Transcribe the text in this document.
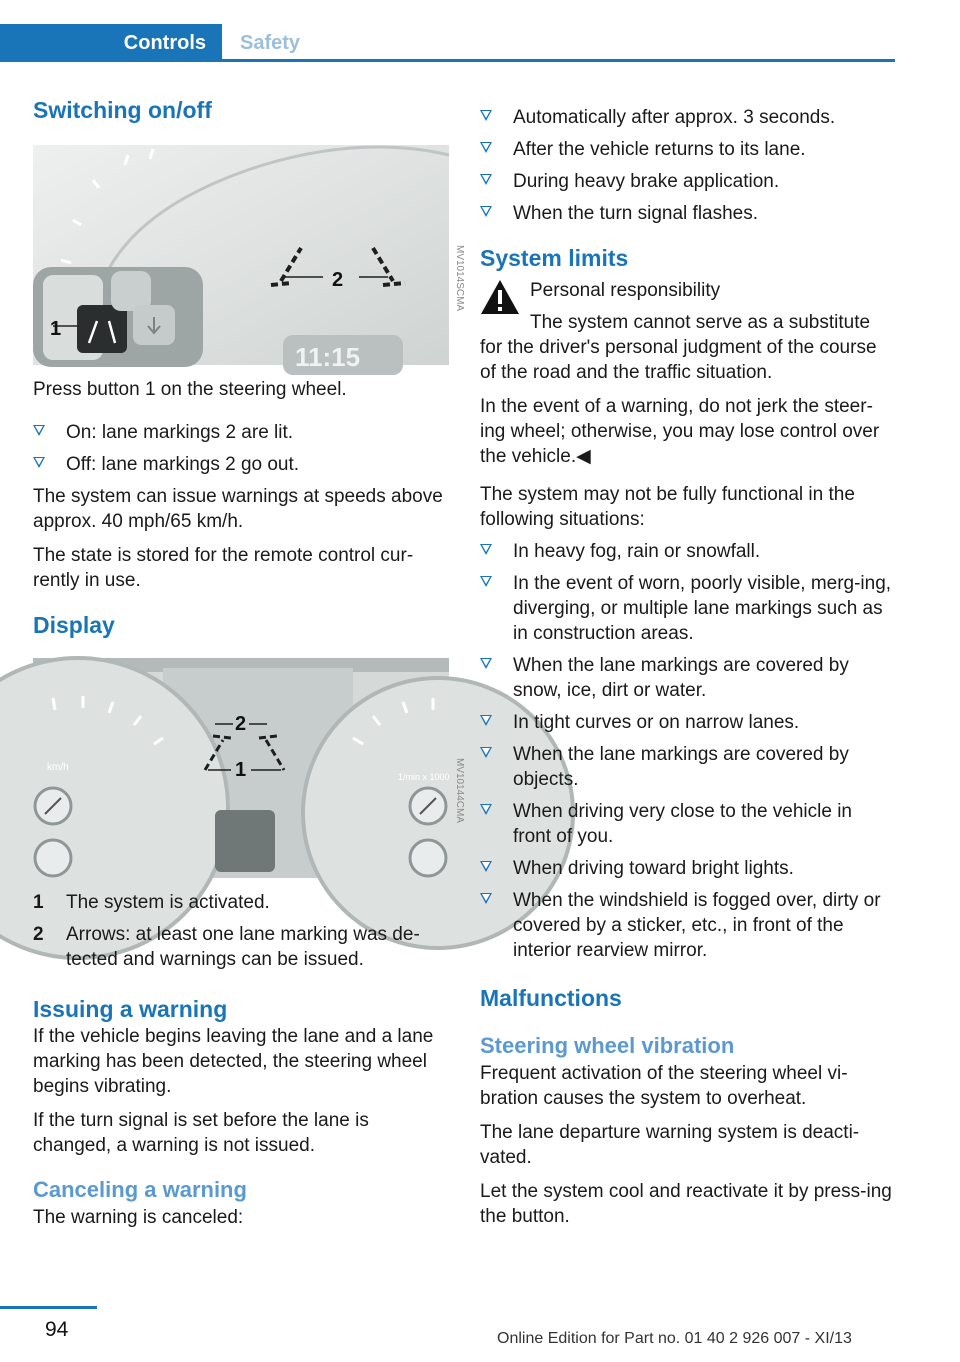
Controls	Safety
Switching on/off
1
2
11:15
MV1014SCMA

Press button 1 on the steering wheel.

On: lane markings 2 are lit.
Off: lane markings 2 go out.

The system can issue warnings at speeds above approx. 40 mph/65 km/h.

The state is stored for the remote control cur-rently in use.

Display
km/h
1/min x 1000
2
1	MV10144CMA
1 The system is activated.
2 Arrows: at least one lane marking was de-tected and warnings can be issued.
Issuing a warning

If the vehicle begins leaving the lane and a lane marking has been detected, the steering wheel begins vibrating.

If the turn signal is set before the lane is changed, a warning is not issued.

Canceling a warning

The warning is canceled:

Automatically after approx. 3 seconds.
After the vehicle returns to its lane.
During heavy brake application.
When the turn signal flashes.
System limits

Personal responsibility

The system cannot serve as a substitute for the driver's personal judgment of the course of the road and the traffic situation.

In the event of a warning, do not jerk the steer-ing wheel; otherwise, you may lose control over the vehicle.◀

The system may not be fully functional in the following situations:

In heavy fog, rain or snowfall.
In the event of worn, poorly visible, merg-ing, diverging, or multiple lane markings such as in construction areas.
When the lane markings are covered by snow, ice, dirt or water.
In tight curves or on narrow lanes.
When the lane markings are covered by objects.
When driving very close to the vehicle in front of you.
When driving toward bright lights.
When the windshield is fogged over, dirty or covered by a sticker, etc., in front of the interior rearview mirror.
Malfunctions
Steering wheel vibration

Frequent activation of the steering wheel vi-bration causes the system to overheat.

The lane departure warning system is deacti-vated.

Let the system cool and reactivate it by press-ing the button.

94	Online Edition for Part no. 01 40 2 926 007 - XI/13
